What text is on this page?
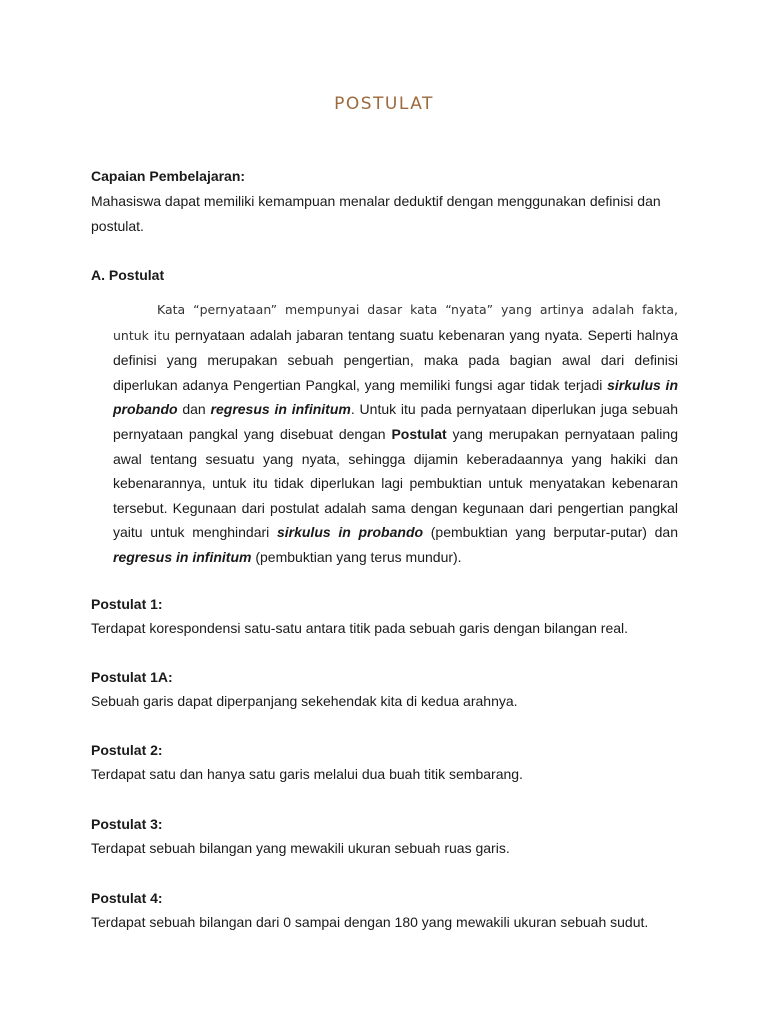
POSTULAT
Capaian Pembelajaran:
Mahasiswa dapat memiliki kemampuan menalar deduktif dengan menggunakan definisi dan postulat.
A. Postulat
Kata “pernyataan” mempunyai dasar kata “nyata” yang artinya adalah fakta, untuk itu pernyataan adalah jabaran tentang suatu kebenaran yang nyata. Seperti halnya definisi yang merupakan sebuah pengertian, maka pada bagian awal dari definisi diperlukan adanya Pengertian Pangkal, yang memiliki fungsi agar tidak terjadi sirkulus in probando dan regresus in infinitum. Untuk itu pada pernyataan diperlukan juga sebuah pernyataan pangkal yang disebuat dengan Postulat yang merupakan pernyataan paling awal tentang sesuatu yang nyata, sehingga dijamin keberadaannya yang hakiki dan kebenarannya, untuk itu tidak diperlukan lagi pembuktian untuk menyatakan kebenaran tersebut. Kegunaan dari postulat adalah sama dengan kegunaan dari pengertian pangkal yaitu untuk menghindari sirkulus in probando (pembuktian yang berputar-putar) dan regresus in infinitum (pembuktian yang terus mundur).
Postulat 1:
Terdapat korespondensi satu-satu antara titik pada sebuah garis dengan bilangan real.
Postulat 1A:
Sebuah garis dapat diperpanjang sekehendak kita di kedua arahnya.
Postulat 2:
Terdapat satu dan hanya satu garis melalui dua buah titik sembarang.
Postulat 3:
Terdapat sebuah bilangan yang mewakili ukuran sebuah ruas garis.
Postulat 4:
Terdapat sebuah bilangan dari 0 sampai dengan 180 yang mewakili ukuran sebuah sudut.
